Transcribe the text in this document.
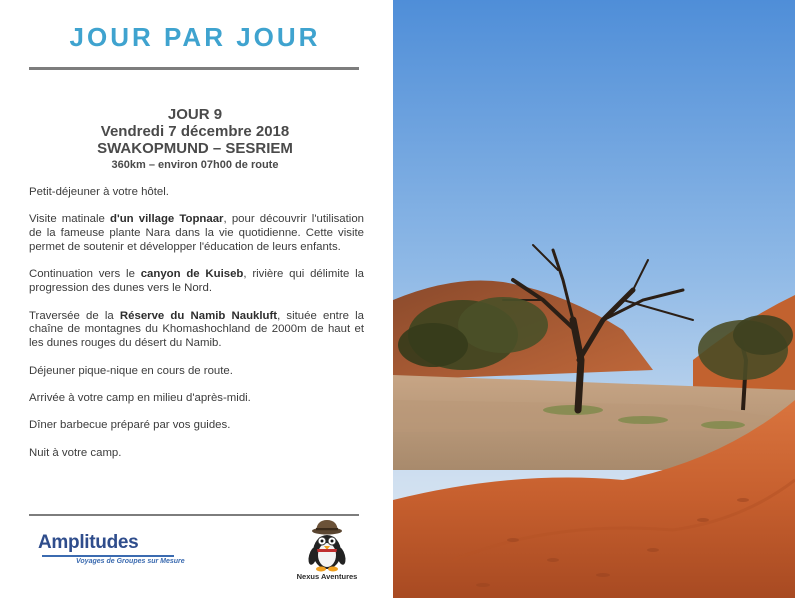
JOUR PAR JOUR
JOUR 9
Vendredi 7 décembre 2018
SWAKOPMUND – SESRIEM
360km – environ 07h00 de route

Petit-déjeuner à votre hôtel.

Visite matinale d'un village Topnaar, pour découvrir l'utilisation de la fameuse plante Nara dans la vie quotidienne. Cette visite permet de soutenir et développer l'éducation de leurs enfants.

Continuation vers le canyon de Kuiseb, rivière qui délimite la progression des dunes vers le Nord.

Traversée de la Réserve du Namib Naukluft, située entre la chaîne de montagnes du Khomashochland de 2000m de haut et les dunes rouges du désert du Namib.

Déjeuner pique-nique en cours de route.

Arrivée à votre camp en milieu d'après-midi.

Dîner barbecue préparé par vos guides.

Nuit à votre camp.

Amplitudes
Voyages de Groupes sur Mesure
Nexus Aventures
